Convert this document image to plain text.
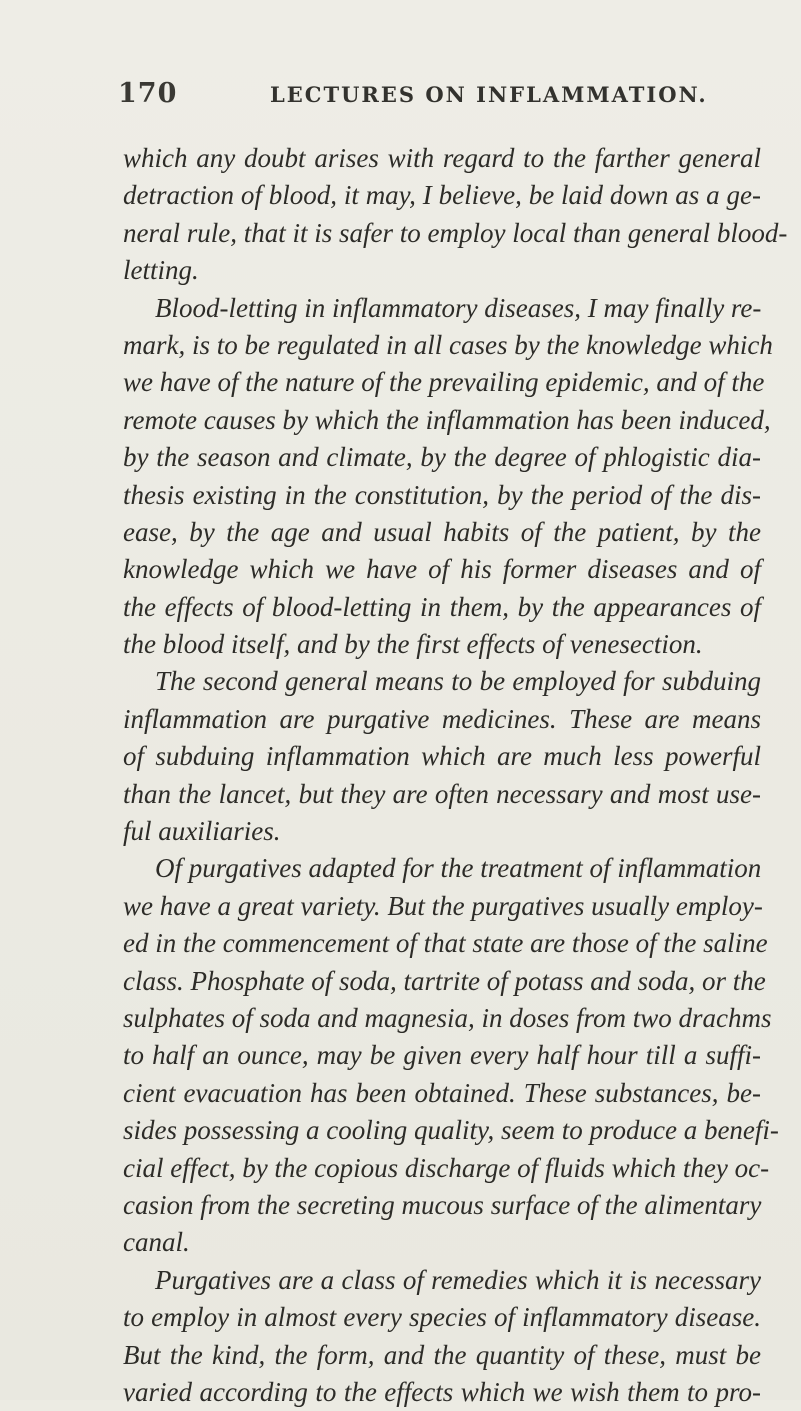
170	LECTURES ON INFLAMMATION.
which any doubt arises with regard to the farther general
detraction of blood, it may, I believe, be laid down as a ge-
neral rule, that it is safer to employ local than general blood-
letting.
Blood-letting in inflammatory diseases, I may finally re-
mark, is to be regulated in all cases by the knowledge which
we have of the nature of the prevailing epidemic, and of the
remote causes by which the inflammation has been induced,
by the season and climate, by the degree of phlogistic dia-
thesis existing in the constitution, by the period of the dis-
ease, by the age and usual habits of the patient, by the
knowledge which we have of his former diseases and of
the effects of blood-letting in them, by the appearances of
the blood itself, and by the first effects of venesection.
The second general means to be employed for subduing
inflammation are purgative medicines. These are means
of subduing inflammation which are much less powerful
than the lancet, but they are often necessary and most use-
ful auxiliaries.
Of purgatives adapted for the treatment of inflammation
we have a great variety. But the purgatives usually employ-
ed in the commencement of that state are those of the saline
class. Phosphate of soda, tartrite of potass and soda, or the
sulphates of soda and magnesia, in doses from two drachms
to half an ounce, may be given every half hour till a suffi-
cient evacuation has been obtained. These substances, be-
sides possessing a cooling quality, seem to produce a benefi-
cial effect, by the copious discharge of fluids which they oc-
casion from the secreting mucous surface of the alimentary
canal.
Purgatives are a class of remedies which it is necessary
to employ in almost every species of inflammatory disease.
But the kind, the form, and the quantity of these, must be
varied according to the effects which we wish them to pro-
